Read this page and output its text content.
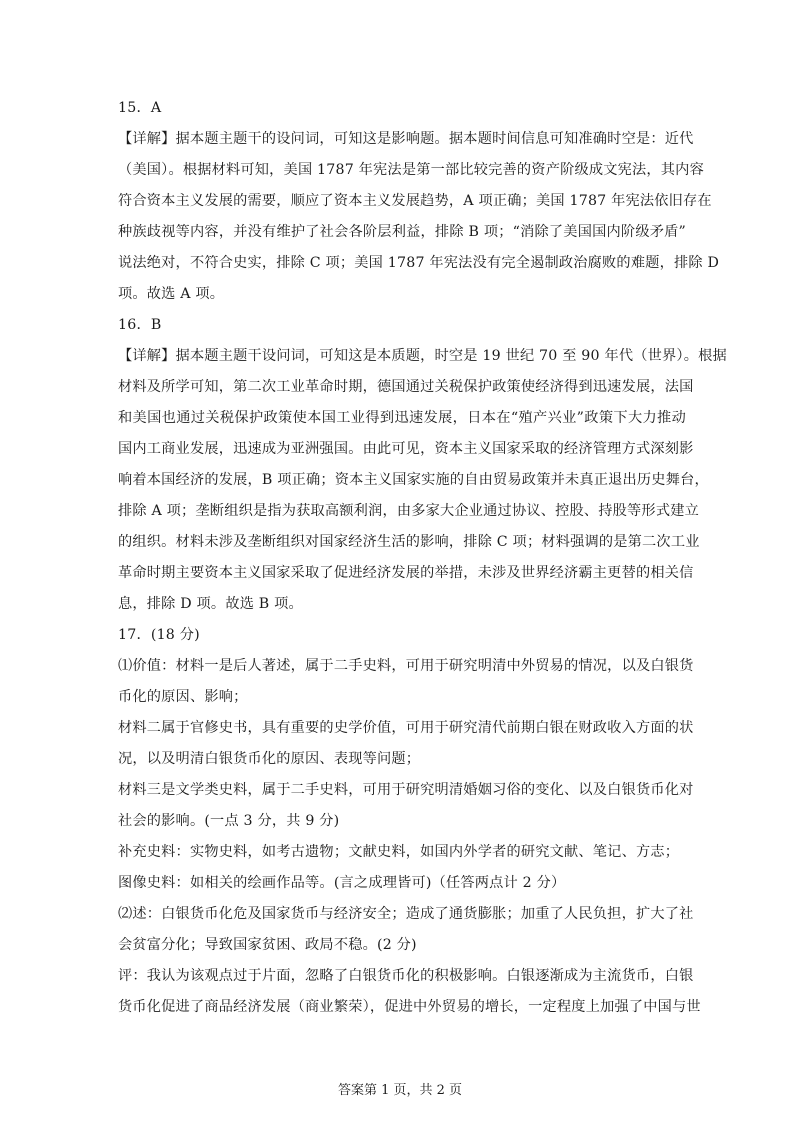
15．A
【详解】据本题主题干的设问词，可知这是影响题。据本题时间信息可知准确时空是：近代
（美国）。根据材料可知，美国 1787 年宪法是第一部比较完善的资产阶级成文宪法，其内容
符合资本主义发展的需要，顺应了资本主义发展趋势，A 项正确；美国 1787 年宪法依旧存在
种族歧视等内容，并没有维护了社会各阶层利益，排除 B 项；“消除了美国国内阶级矛盾”
说法绝对，不符合史实，排除 C 项；美国 1787 年宪法没有完全遏制政治腐败的难题，排除 D
项。故选 A 项。
16．B
【详解】据本题主题干设问词，可知这是本质题，时空是 19 世纪 70 至 90 年代（世界）。根据
材料及所学可知，第二次工业革命时期，德国通过关税保护政策使经济得到迅速发展，法国
和美国也通过关税保护政策使本国工业得到迅速发展，日本在“殖产兴业”政策下大力推动
国内工商业发展，迅速成为亚洲强国。由此可见，资本主义国家采取的经济管理方式深刻影
响着本国经济的发展，B 项正确；资本主义国家实施的自由贸易政策并未真正退出历史舞台，
排除 A 项；垄断组织是指为获取高额利润，由多家大企业通过协议、控股、持股等形式建立
的组织。材料未涉及垄断组织对国家经济生活的影响，排除 C 项；材料强调的是第二次工业
革命时期主要资本主义国家采取了促进经济发展的举措，未涉及世界经济霸主更替的相关信
息，排除 D 项。故选 B 项。
17．(18 分)
⑴价值：材料一是后人著述，属于二手史料，可用于研究明清中外贸易的情况，以及白银货
币化的原因、影响；
材料二属于官修史书，具有重要的史学价值，可用于研究清代前期白银在财政收入方面的状
况，以及明清白银货币化的原因、表现等问题；
材料三是文学类史料，属于二手史料，可用于研究明清婚姻习俗的变化、以及白银货币化对
社会的影响。(一点 3 分，共 9 分)
补充史料：实物史料，如考古遗物；文献史料，如国内外学者的研究文献、笔记、方志；
图像史料：如相关的绘画作品等。(言之成理皆可)（任答两点计 2 分）
⑵述：白银货币化危及国家货币与经济安全；造成了通货膨胀；加重了人民负担，扩大了社
会贫富分化；导致国家贫困、政局不稳。(2 分)
评：我认为该观点过于片面，忽略了白银货币化的积极影响。白银逐渐成为主流货币，白银
货币化促进了商品经济发展（商业繁荣），促进中外贸易的增长，一定程度上加强了中国与世
答案第 1 页，共 2 页
